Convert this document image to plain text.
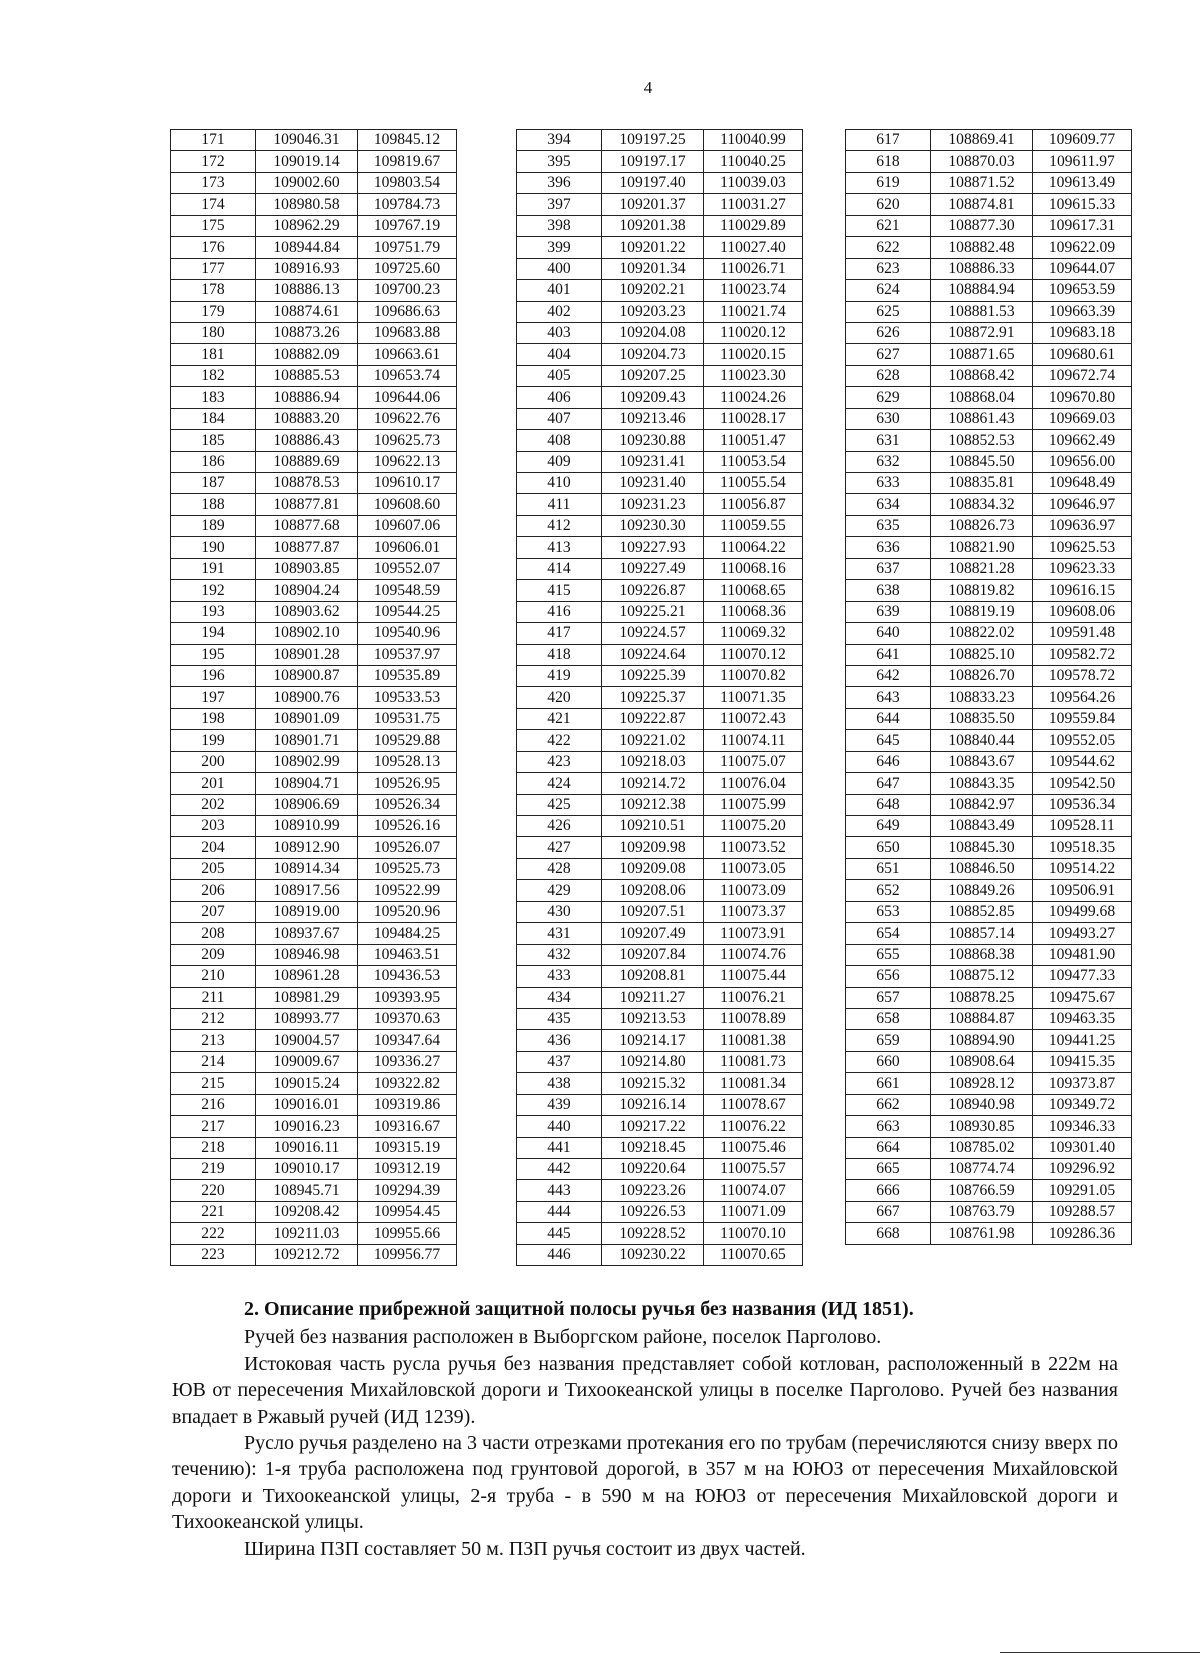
4
171	109046.31	109845.12
172	109019.14	109819.67
173	109002.60	109803.54
174	108980.58	109784.73
175	108962.29	109767.19
176	108944.84	109751.79
177	108916.93	109725.60
178	108886.13	109700.23
179	108874.61	109686.63
180	108873.26	109683.88
181	108882.09	109663.61
182	108885.53	109653.74
183	108886.94	109644.06
184	108883.20	109622.76
185	108886.43	109625.73
186	108889.69	109622.13
187	108878.53	109610.17
188	108877.81	109608.60
189	108877.68	109607.06
190	108877.87	109606.01
191	108903.85	109552.07
192	108904.24	109548.59
193	108903.62	109544.25
194	108902.10	109540.96
195	108901.28	109537.97
196	108900.87	109535.89
197	108900.76	109533.53
198	108901.09	109531.75
199	108901.71	109529.88
200	108902.99	109528.13
201	108904.71	109526.95
202	108906.69	109526.34
203	108910.99	109526.16
204	108912.90	109526.07
205	108914.34	109525.73
206	108917.56	109522.99
207	108919.00	109520.96
208	108937.67	109484.25
209	108946.98	109463.51
210	108961.28	109436.53
211	108981.29	109393.95
212	108993.77	109370.63
213	109004.57	109347.64
214	109009.67	109336.27
215	109015.24	109322.82
216	109016.01	109319.86
217	109016.23	109316.67
218	109016.11	109315.19
219	109010.17	109312.19
220	108945.71	109294.39
221	109208.42	109954.45
222	109211.03	109955.66
223	109212.72	109956.77
394	109197.25	110040.99
395	109197.17	110040.25
396	109197.40	110039.03
397	109201.37	110031.27
398	109201.38	110029.89
399	109201.22	110027.40
400	109201.34	110026.71
401	109202.21	110023.74
402	109203.23	110021.74
403	109204.08	110020.12
404	109204.73	110020.15
405	109207.25	110023.30
406	109209.43	110024.26
407	109213.46	110028.17
408	109230.88	110051.47
409	109231.41	110053.54
410	109231.40	110055.54
411	109231.23	110056.87
412	109230.30	110059.55
413	109227.93	110064.22
414	109227.49	110068.16
415	109226.87	110068.65
416	109225.21	110068.36
417	109224.57	110069.32
418	109224.64	110070.12
419	109225.39	110070.82
420	109225.37	110071.35
421	109222.87	110072.43
422	109221.02	110074.11
423	109218.03	110075.07
424	109214.72	110076.04
425	109212.38	110075.99
426	109210.51	110075.20
427	109209.98	110073.52
428	109209.08	110073.05
429	109208.06	110073.09
430	109207.51	110073.37
431	109207.49	110073.91
432	109207.84	110074.76
433	109208.81	110075.44
434	109211.27	110076.21
435	109213.53	110078.89
436	109214.17	110081.38
437	109214.80	110081.73
438	109215.32	110081.34
439	109216.14	110078.67
440	109217.22	110076.22
441	109218.45	110075.46
442	109220.64	110075.57
443	109223.26	110074.07
444	109226.53	110071.09
445	109228.52	110070.10
446	109230.22	110070.65
617	108869.41	109609.77
618	108870.03	109611.97
619	108871.52	109613.49
620	108874.81	109615.33
621	108877.30	109617.31
622	108882.48	109622.09
623	108886.33	109644.07
624	108884.94	109653.59
625	108881.53	109663.39
626	108872.91	109683.18
627	108871.65	109680.61
628	108868.42	109672.74
629	108868.04	109670.80
630	108861.43	109669.03
631	108852.53	109662.49
632	108845.50	109656.00
633	108835.81	109648.49
634	108834.32	109646.97
635	108826.73	109636.97
636	108821.90	109625.53
637	108821.28	109623.33
638	108819.82	109616.15
639	108819.19	109608.06
640	108822.02	109591.48
641	108825.10	109582.72
642	108826.70	109578.72
643	108833.23	109564.26
644	108835.50	109559.84
645	108840.44	109552.05
646	108843.67	109544.62
647	108843.35	109542.50
648	108842.97	109536.34
649	108843.49	109528.11
650	108845.30	109518.35
651	108846.50	109514.22
652	108849.26	109506.91
653	108852.85	109499.68
654	108857.14	109493.27
655	108868.38	109481.90
656	108875.12	109477.33
657	108878.25	109475.67
658	108884.87	109463.35
659	108894.90	109441.25
660	108908.64	109415.35
661	108928.12	109373.87
662	108940.98	109349.72
663	108930.85	109346.33
664	108785.02	109301.40
665	108774.74	109296.92
666	108766.59	109291.05
667	108763.79	109288.57
668	108761.98	109286.36
2. Описание прибрежной защитной полосы ручья без названия (ИД 1851).

Ручей без названия расположен в Выборгском районе, поселок Парголово.

Истоковая часть русла ручья без названия представляет собой котлован, расположенный в 222м на ЮВ от пересечения Михайловской дороги и Тихоокеанской улицы в поселке Парголово. Ручей без названия впадает в Ржавый ручей (ИД 1239).

Русло ручья разделено на 3 части отрезками протекания его по трубам (перечисляются снизу вверх по течению): 1-я труба расположена под грунтовой дорогой, в 357 м на ЮЮЗ от пересечения Михайловской дороги и Тихоокеанской улицы, 2-я труба - в 590 м на ЮЮЗ от пересечения Михайловской дороги и Тихоокеанской улицы.

Ширина ПЗП составляет 50 м. ПЗП ручья состоит из двух частей.
